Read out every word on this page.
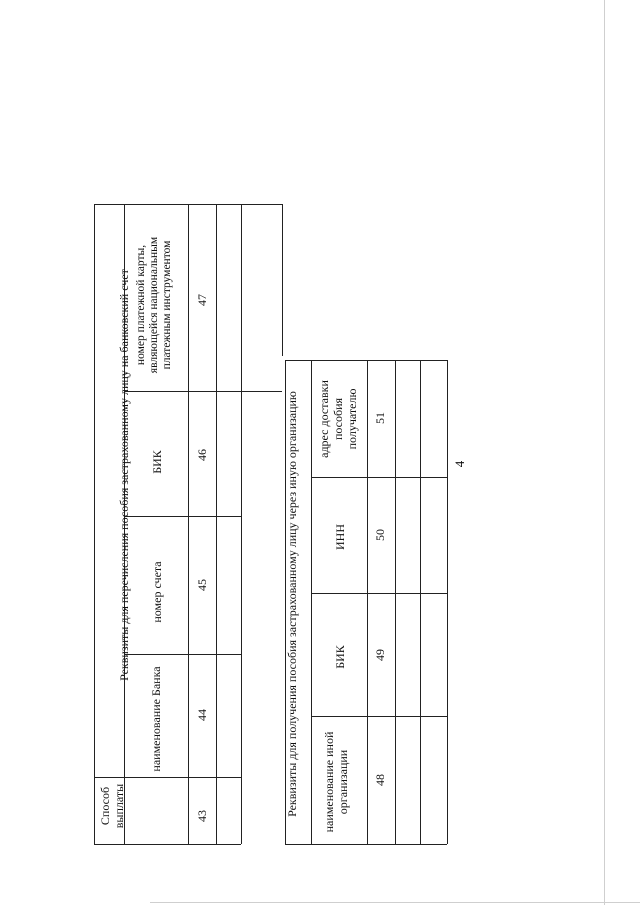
4
Реквизиты для перечисления пособия застрахованному лицу на банковский счет
Способ выплаты
наименование Банка
номер счета
БИК
номер платежной карты, являющейся национальным платежным инструментом
43
44
45
46
47
Реквизиты для получения пособия застрахованному лицу через иную организацию	наименование иной организации
БИК
ИНН
адрес доставки пособия получателю
48
49
50
51
